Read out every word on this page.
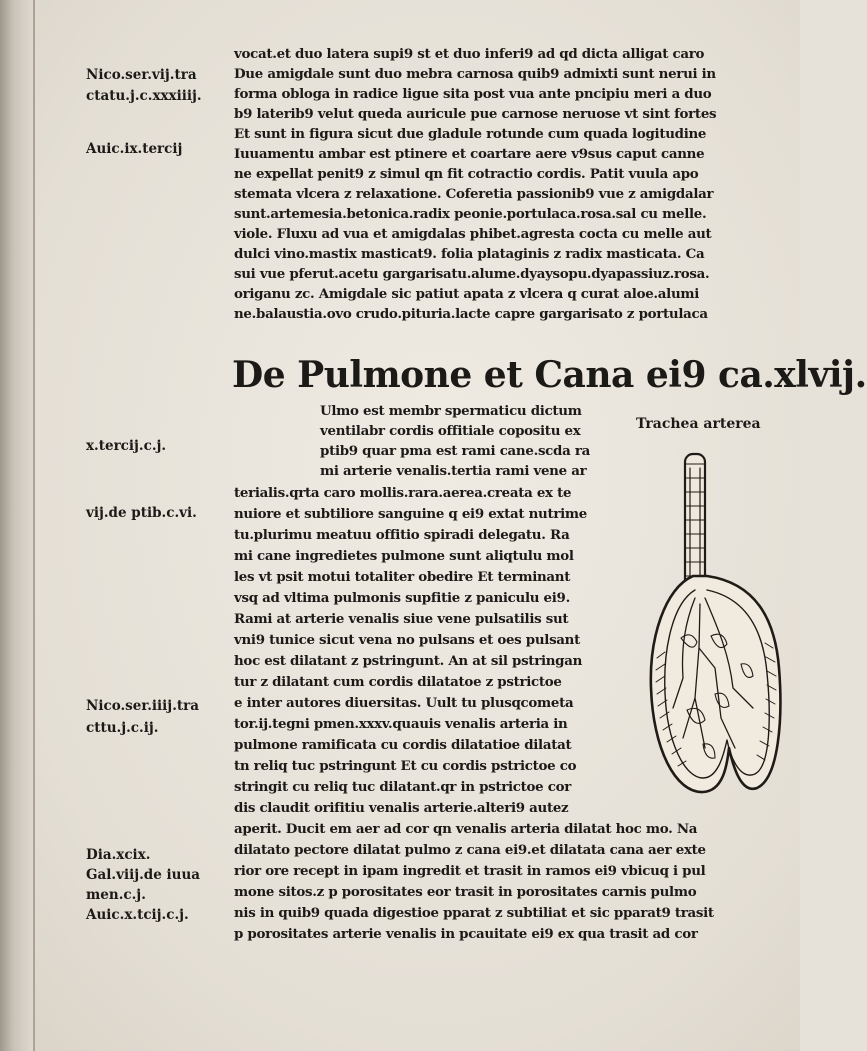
Nico.ser.vij.tra
ctatu.j.c.xxxiiij.
Auic.ix.tercij
x.tercij.c.j.
vij.de ptib.c.vi.
Nico.ser.iiij.tra
cttu.j.c.ij.
Dia.xcix.
Gal.viij.de iuua
men.c.j.
Auic.x.tcij.c.j.
vocat.et duo latera supi9 st et duo inferi9 ad qd dicta alligat caro
Due amigdale sunt duo mebra carnosa quib9 admixti sunt nerui in
forma obloga in radice ligue sita post vua ante pncipiu meri a duo
b9 laterib9 velut queda auricule pue carnose neruose vt sint fortes
Et sunt in figura sicut due gladule rotunde cum quada logitudine
Iuuamentu ambar est ptinere et coartare aere v9sus caput canne
ne expellat penit9 z simul qn fit cotractio cordis. Patit vuula apo
stemata vlcera z relaxatione. Coferetia passionib9 vue z amigdalar
sunt.artemesia.betonica.radix peonie.portulaca.rosa.sal cu melle.
viole. Fluxu ad vua et amigdalas phibet.agresta cocta cu melle aut
dulci vino.mastix masticat9. folia plataginis z radix masticata. Ca
sui vue pferut.acetu gargarisatu.alume.dyaysopu.dyapassiuz.rosa.
origanu zc. Amigdale sic patiut apata z vlcera q curat aloe.alumi
ne.balaustia.ovo crudo.pituria.lacte capre gargarisato z portulaca
De Pulmone et Cana ei9 ca.xlvij.
Trachea arterea
Ulmo est membr spermaticu dictum
ventilabr cordis offitiale copositu ex
ptib9 quar pma est rami cane.scda ra
mi arterie venalis.tertia rami vene ar
terialis.qrta caro mollis.rara.aerea.creata ex te
nuiore et subtiliore sanguine q ei9 extat nutrime
tu.plurimu meatuu offitio spiradi delegatu. Ra
mi cane ingredietes pulmone sunt aliqtulu mol
les vt psit motui totaliter obedire Et terminant
vsq ad vltima pulmonis supfitie z paniculu ei9.
Rami at arterie venalis siue vene pulsatilis sut
vni9 tunice sicut vena no pulsans et oes pulsant
hoc est dilatant z pstringunt. An at sil pstringan
tur z dilatant cum cordis dilatatoe z pstrictoe
e inter autores diuersitas. Uult tu plusqcometa
tor.ij.tegni pmen.xxxv.quauis venalis arteria in
pulmone ramificata cu cordis dilatatioe dilatat
tn reliq tuc pstringunt Et cu cordis pstrictoe co
stringit cu reliq tuc dilatant.qr in pstrictoe cor
dis claudit orifitiu venalis arterie.alteri9 autez
aperit. Ducit em aer ad cor qn venalis arteria dilatat hoc mo. Na
dilatato pectore dilatat pulmo z cana ei9.et dilatata cana aer exte
rior ore recept in ipam ingredit et trasit in ramos ei9 vbicuq i pul
mone sitos.z p porositates eor trasit in porositates carnis pulmo
nis in quib9 quada digestioe pparat z subtiliat et sic pparat9 trasit
p porositates arterie venalis in pcauitate ei9 ex qua trasit ad cor
